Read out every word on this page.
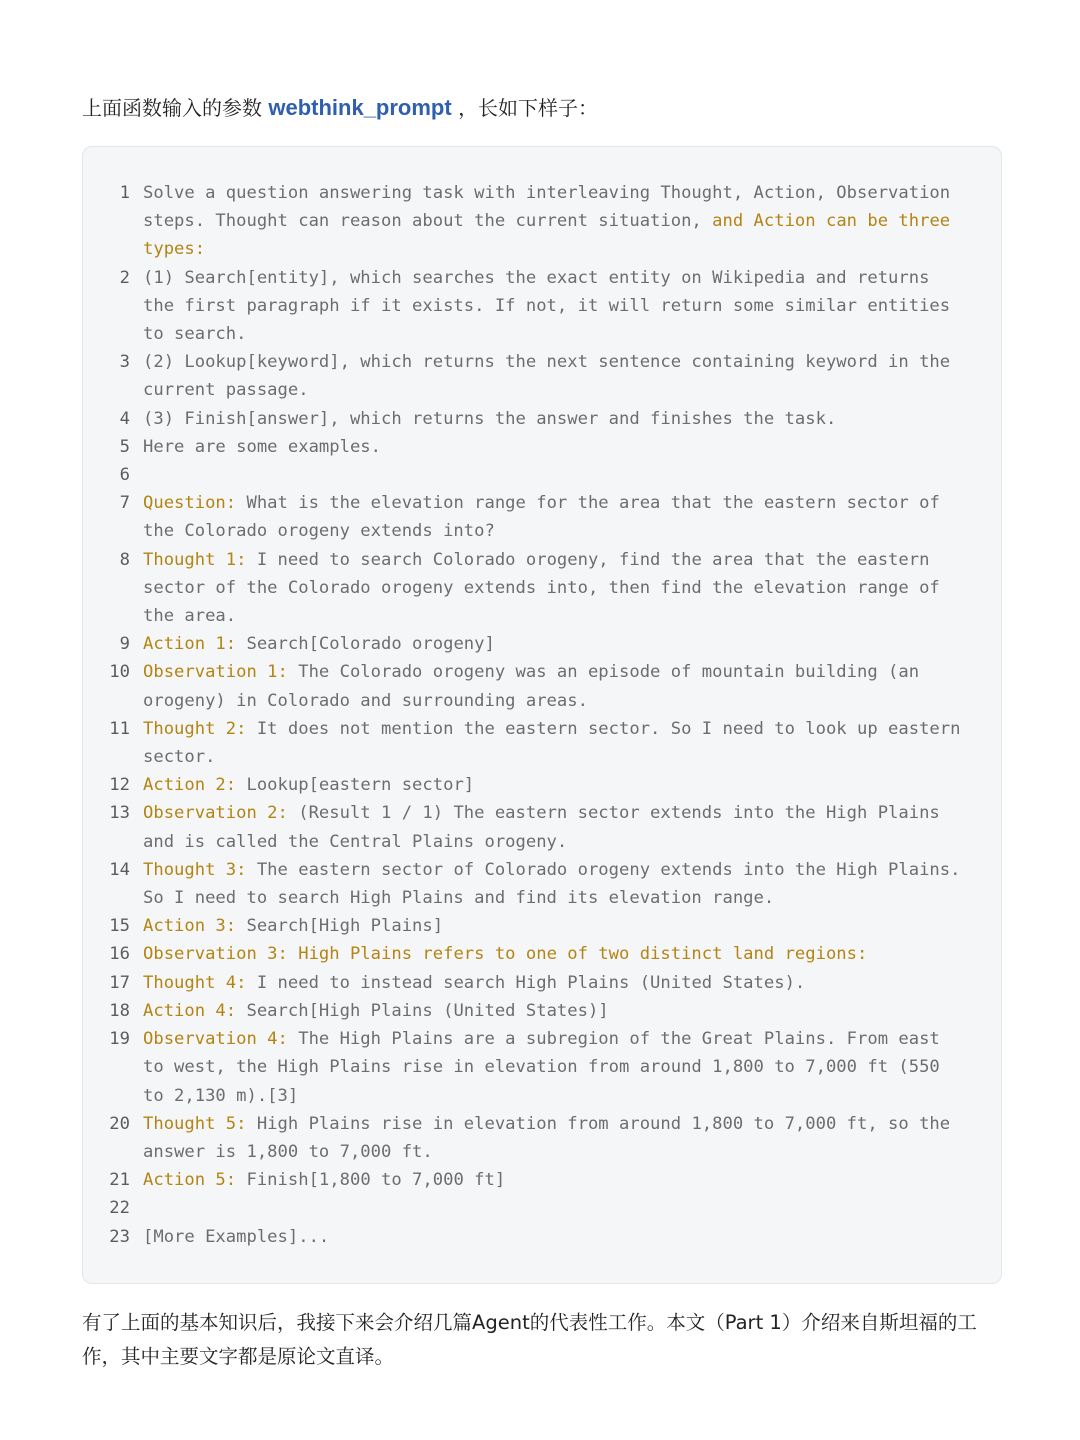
上面函数输入的参数 webthink_prompt ，长如下样子：
1 Solve a question answering task with interleaving Thought, Action, Observation steps. Thought can reason about the current situation, and Action can be three types:
2 (1) Search[entity], which searches the exact entity on Wikipedia and returns the first paragraph if it exists. If not, it will return some similar entities to search.
3 (2) Lookup[keyword], which returns the next sentence containing keyword in the current passage.
4 (3) Finish[answer], which returns the answer and finishes the task.
5 Here are some examples.
6

7 Question: What is the elevation range for the area that the eastern sector of the Colorado orogeny extends into?
8 Thought 1: I need to search Colorado orogeny, find the area that the eastern sector of the Colorado orogeny extends into, then find the elevation range of the area.
9 Action 1: Search[Colorado orogeny]
10 Observation 1: The Colorado orogeny was an episode of mountain building (an orogeny) in Colorado and surrounding areas.
11 Thought 2: It does not mention the eastern sector. So I need to look up eastern sector.
12 Action 2: Lookup[eastern sector]
13 Observation 2: (Result 1 / 1) The eastern sector extends into the High Plains and is called the Central Plains orogeny.
14 Thought 3: The eastern sector of Colorado orogeny extends into the High Plains. So I need to search High Plains and find its elevation range.
15 Action 3: Search[High Plains]
16 Observation 3: High Plains refers to one of two distinct land regions:
17 Thought 4: I need to instead search High Plains (United States).
18 Action 4: Search[High Plains (United States)]
19 Observation 4: The High Plains are a subregion of the Great Plains. From east to west, the High Plains rise in elevation from around 1,800 to 7,000 ft (550 to 2,130 m).[3]
20 Thought 5: High Plains rise in elevation from around 1,800 to 7,000 ft, so the answer is 1,800 to 7,000 ft.
21 Action 5: Finish[1,800 to 7,000 ft]
22

23 [More Examples]...
有了上面的基本知识后，我接下来会介绍几篇Agent的代表性工作。本文（Part 1）介绍来自斯坦福的工作，其中主要文字都是原论文直译。
